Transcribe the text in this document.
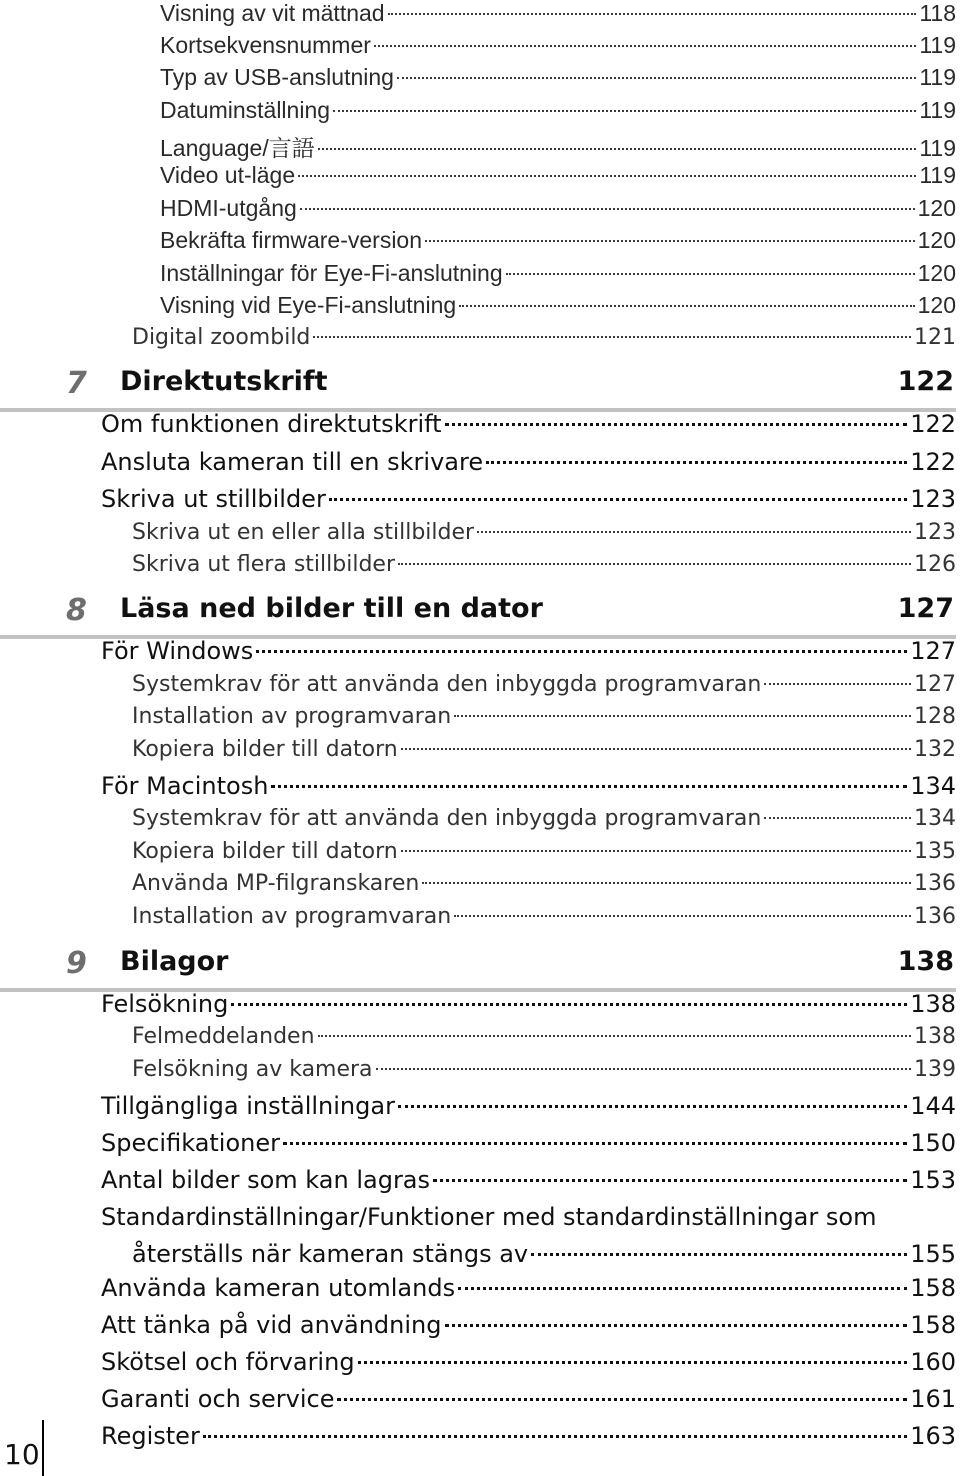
Visning av vit mättnad	118
Kortsekvensnummer	119
Typ av USB-anslutning	119
Datuminställning	119
Language/言語	119
Video ut-läge	119
HDMI-utgång	120
Bekräfta firmware-version	120
Inställningar för Eye-Fi-anslutning	120
Visning vid Eye-Fi-anslutning	120
Digital zoombild	121
7 Direktutskrift	122
Om funktionen direktutskrift	122
Ansluta kameran till en skrivare	122
Skriva ut stillbilder	123
Skriva ut en eller alla stillbilder	123
Skriva ut flera stillbilder	126
8 Läsa ned bilder till en dator	127
För Windows	127
Systemkrav för att använda den inbyggda programvaran	127
Installation av programvaran	128
Kopiera bilder till datorn	132
För Macintosh	134
Systemkrav för att använda den inbyggda programvaran	134
Kopiera bilder till datorn	135
Använda MP-filgranskaren	136
Installation av programvaran	136
9 Bilagor	138
Felsökning	138
Felmeddelanden	138
Felsökning av kamera	139
Tillgängliga inställningar	144
Specifikationer	150
Antal bilder som kan lagras	153
Standardinställningar/Funktioner med standardinställningar som
återställs när kameran stängs av	155
Använda kameran utomlands	158
Att tänka på vid användning	158
Skötsel och förvaring	160
Garanti och service	161
Register	163
10
